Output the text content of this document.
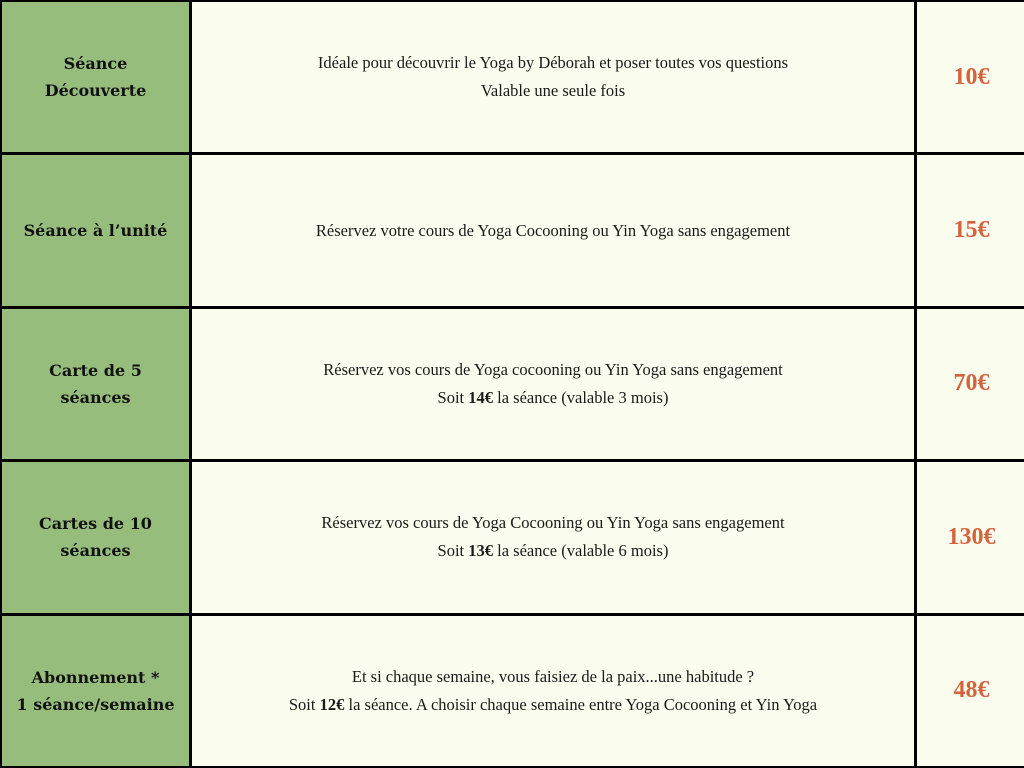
Séance Découverte
Idéale pour découvrir le Yoga by Déborah et poser toutes vos questions
Valable une seule fois
10€
Séance à l’unité	Réservez votre cours de Yoga Cocooning ou Yin Yoga sans engagement	15€
Carte de 5 séances
Réservez vos cours de Yoga cocooning ou Yin Yoga sans engagement
Soit 14€ la séance (valable 3 mois)
70€
Cartes de 10
séances
Réservez vos cours de Yoga Cocooning ou Yin Yoga sans engagement
Soit 13€ la séance (valable 6 mois)
130€
Abonnement *
1 séance/semaine
Et si chaque semaine, vous faisiez de la paix...une habitude ?
Soit 12€ la séance. A choisir chaque semaine entre Yoga Cocooning et Yin Yoga
48€
